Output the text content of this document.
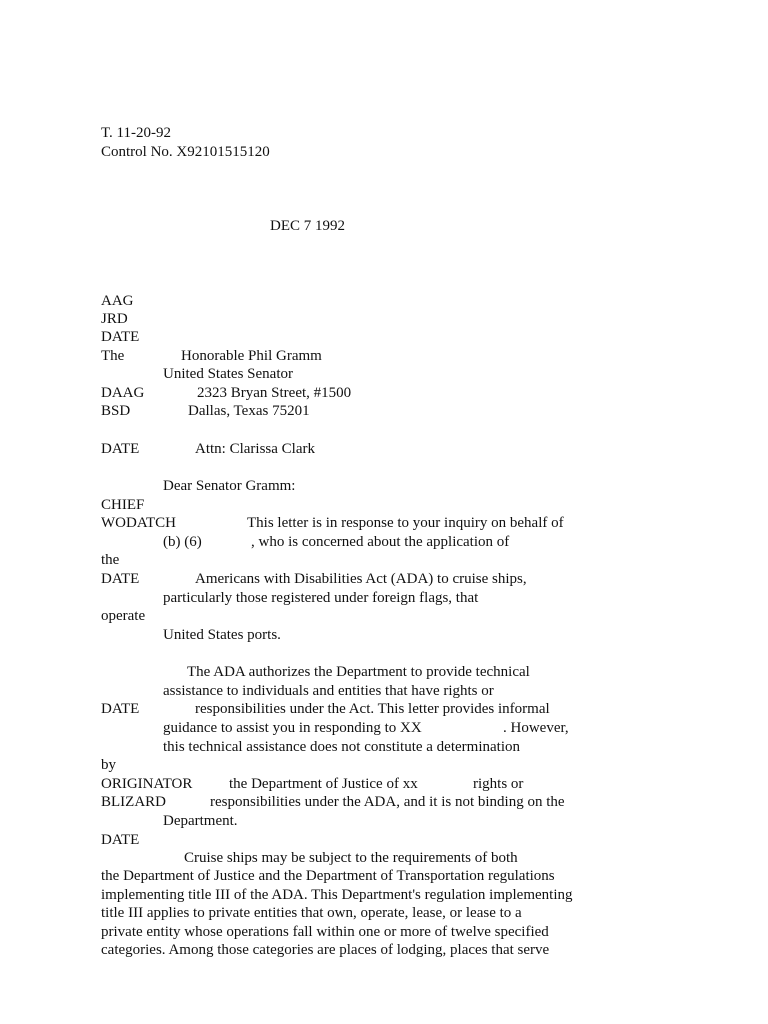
T. 11-20-92
Control No. X92101515120
DEC 7 1992
AAG
JRD
DATE
The	Honorable Phil Gramm
United States Senator
DAAG	2323 Bryan Street, #1500
BSD	Dallas, Texas 75201
DATE	Attn: Clarissa Clark
Dear Senator Gramm:
CHIEF
WODATCH	This letter is in response to your inquiry on behalf of
(b) (6)	, who is concerned about the application of
the
DATE	Americans with Disabilities Act (ADA) to cruise ships,
particularly those registered under foreign flags, that
operate
United States ports.
The ADA authorizes the Department to provide technical
assistance to individuals and entities that have rights or
DATE	responsibilities under the Act. This letter provides informal
guidance to assist you in responding to XX	. However,
this technical assistance does not constitute a determination
by
ORIGINATOR the Department of Justice of xx	rights or
BLIZARD	responsibilities under the ADA, and it is not binding on the
Department.
DATE
Cruise ships may be subject to the requirements of both
the Department of Justice and the Department of Transportation regulations
implementing title III of the ADA. This Department's regulation implementing
title III applies to private entities that own, operate, lease, or lease to a
private entity whose operations fall within one or more of twelve specified
categories. Among those categories are places of lodging, places that serve
